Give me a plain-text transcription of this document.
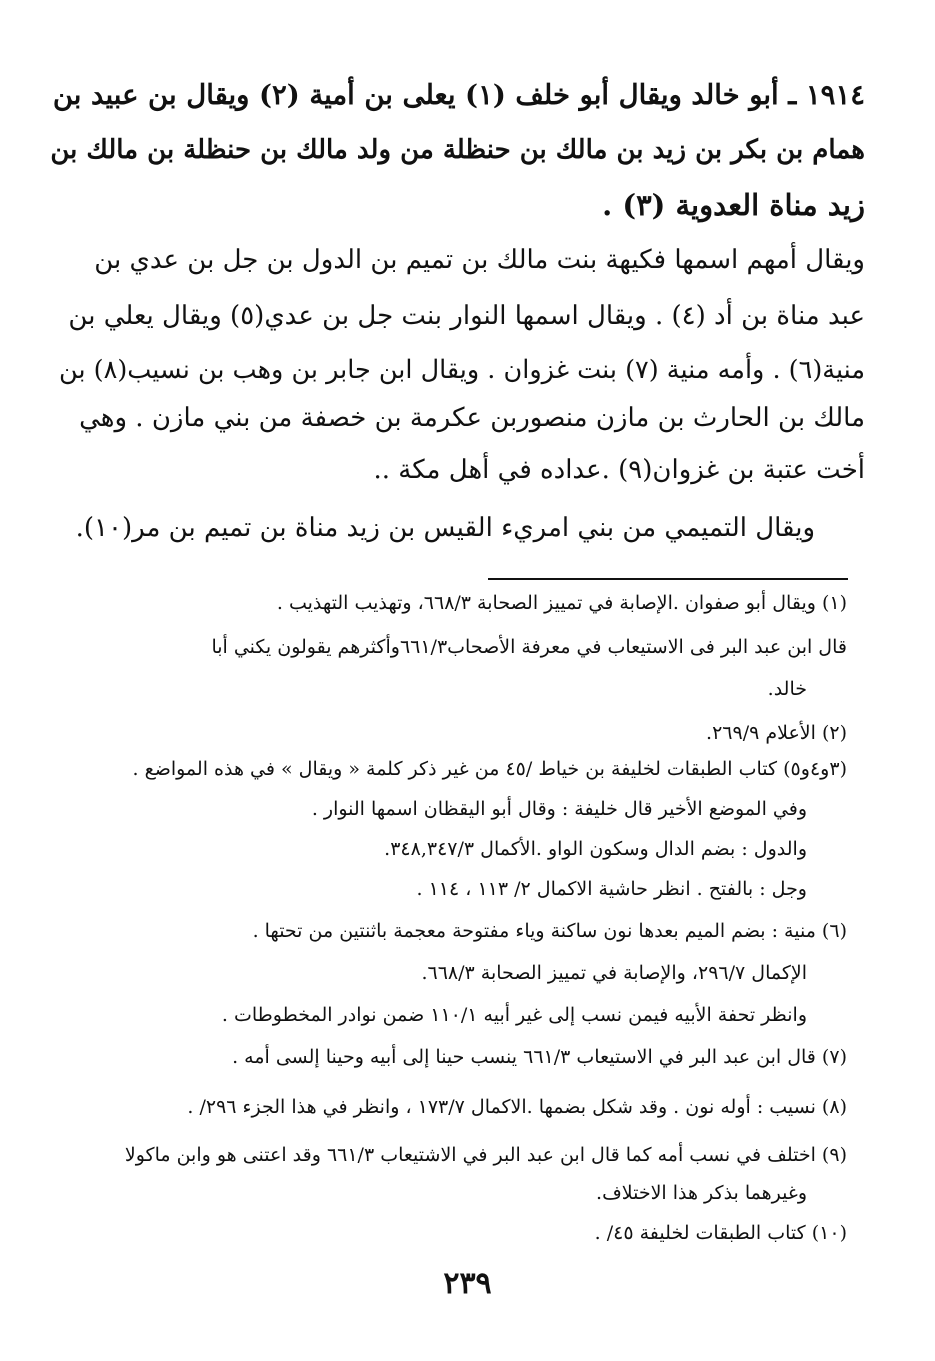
١٩١٤ ـ أبو خالد ويقال أبو خلف (١) يعلى بن أمية (٢) ويقال بن عبيد بن
همام بن بكر بن زيد بن مالك بن حنظلة من ولد مالك بن حنظلة بن مالك بن
زيد مناة العدوية (٣) .
ويقال أمهم اسمها فكيهة بنت مالك بن تميم بن الدول بن جل بن عدي بن
عبد مناة بن أد (٤) . ويقال اسمها النوار بنت جل بن عدي(٥) ويقال يعلي بن
منية(٦) . وأمه منية (٧) بنت غزوان . ويقال ابن جابر بن وهب بن نسيب(٨) بن
مالك بن الحارث بن مازن منصوربن عكرمة بن خصفة من بني مازن . وهي
أخت عتبة بن غزوان(٩) .عداده في أهل مكة ..
ويقال التميمي من بني امريء القيس بن زيد مناة بن تميم بن مر(١٠).
(١) ويقال أبو صفوان .الإصابة في تمييز الصحابة ٦٦٨/٣، وتهذيب التهذيب .
قال ابن عبد البر فى الاستيعاب في معرفة الأصحاب٦٦١/٣وأكثرهم يقولون يكني أبا
خالد.
(٢) الأعلام ٢٦٩/٩.
(٣و٤و٥) كتاب الطبقات لخليفة بن خياط /٤٥ من غير ذكر كلمة « ويقال » في هذه المواضع .
وفي الموضع الأخير قال خليفة : وقال أبو اليقظان اسمها النوار .
والدول : بضم الدال وسكون الواو .الأكمال ٣٤٨,٣٤٧/٣.
وجل : بالفتح . انظر حاشية الاكمال ٢/ ١١٣ ، ١١٤ .
(٦) منية : بضم الميم بعدها نون ساكنة وياء مفتوحة معجمة باثنتين من تحتها .
الإكمال ٢٩٦/٧، والإصابة في تمييز الصحابة ٦٦٨/٣.
وانظر تحفة الأبيه فيمن نسب إلى غير أبيه ١١٠/١ ضمن نوادر المخطوطات .
(٧) قال ابن عبد البر في الاستيعاب ٦٦١/٣ ينسب حينا إلى أبيه وحينا إلسى أمه .
(٨) نسيب : أوله نون . وقد شكل بضمها .الاكمال ١٧٣/٧ ، وانظر في هذا الجزء ٢٩٦/ .
(٩) اختلف في نسب أمه كما قال ابن عبد البر في الاشتيعاب ٦٦١/٣ وقد اعتنى هو وابن ماكولا
وغيرهما بذكر هذا الاختلاف.
(١٠) كتاب الطبقات لخليفة ٤٥/ .
٢٣٩
